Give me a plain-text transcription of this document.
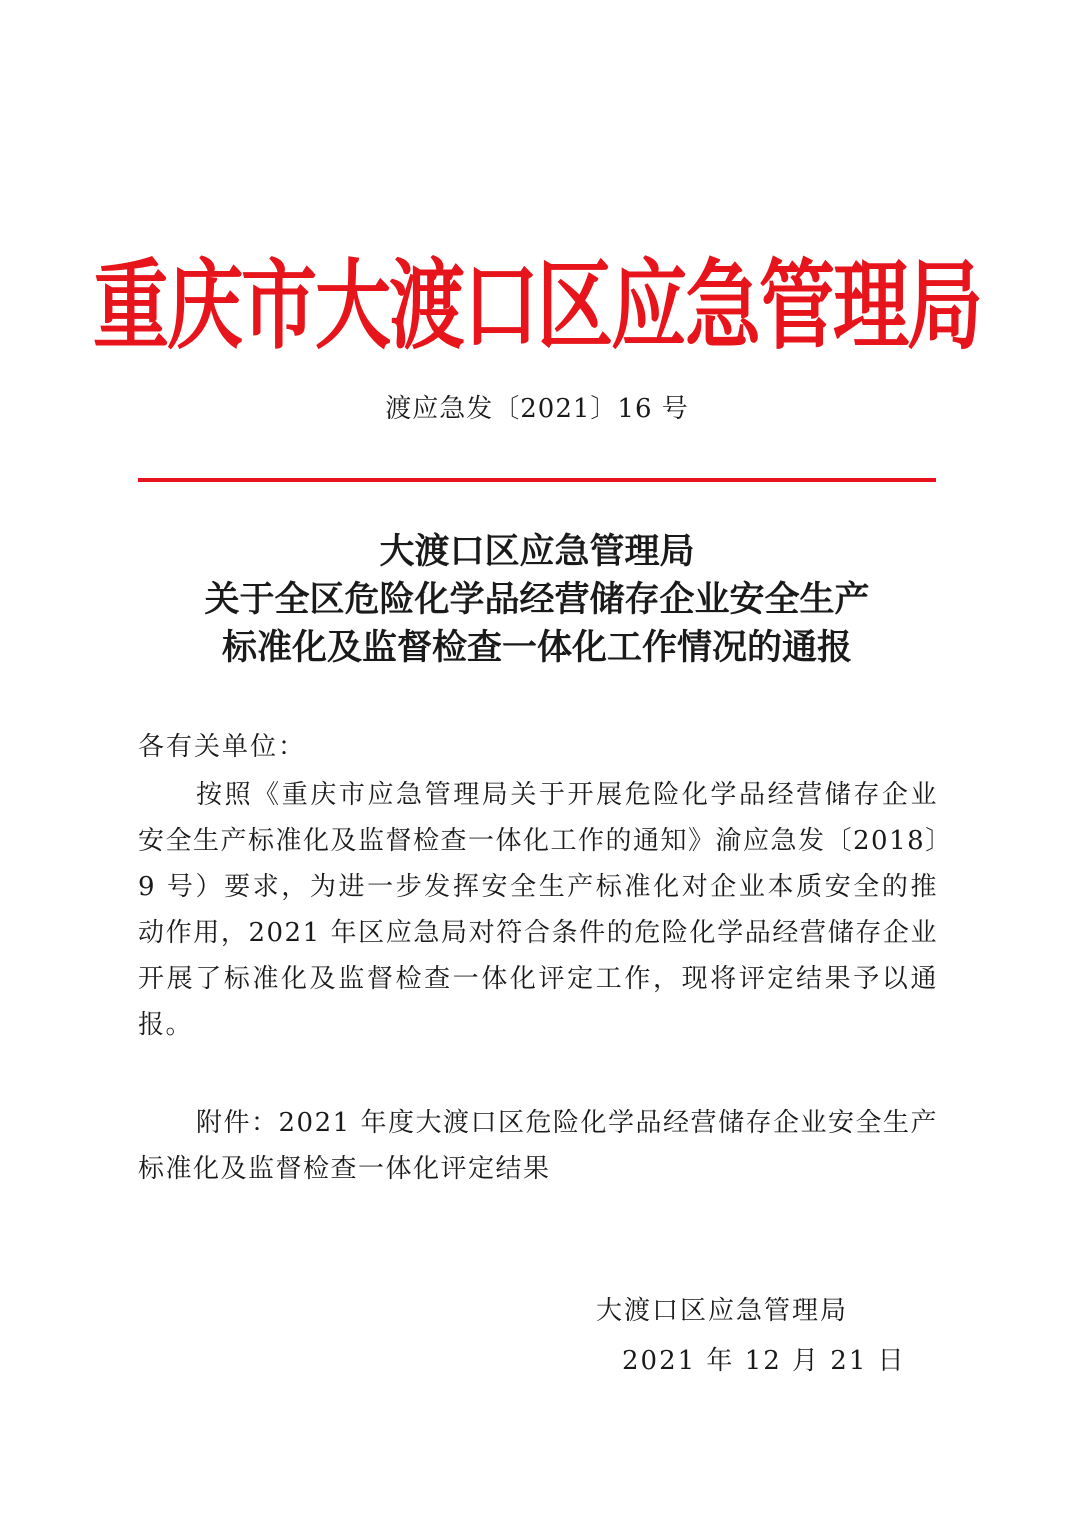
重庆市大渡口区应急管理局
渡应急发〔2021〕16 号
大渡口区应急管理局
关于全区危险化学品经营储存企业安全生产
标准化及监督检查一体化工作情况的通报
各有关单位：
按照《重庆市应急管理局关于开展危险化学品经营储存企业
安全生产标准化及监督检查一体化工作的通知》渝应急发〔2018〕
9 号）要求，为进一步发挥安全生产标准化对企业本质安全的推
动作用，2021 年区应急局对符合条件的危险化学品经营储存企业
开展了标准化及监督检查一体化评定工作，现将评定结果予以通
报。
附件：2021 年度大渡口区危险化学品经营储存企业安全生产
标准化及监督检查一体化评定结果
大渡口区应急管理局
2021 年 12 月 21 日
